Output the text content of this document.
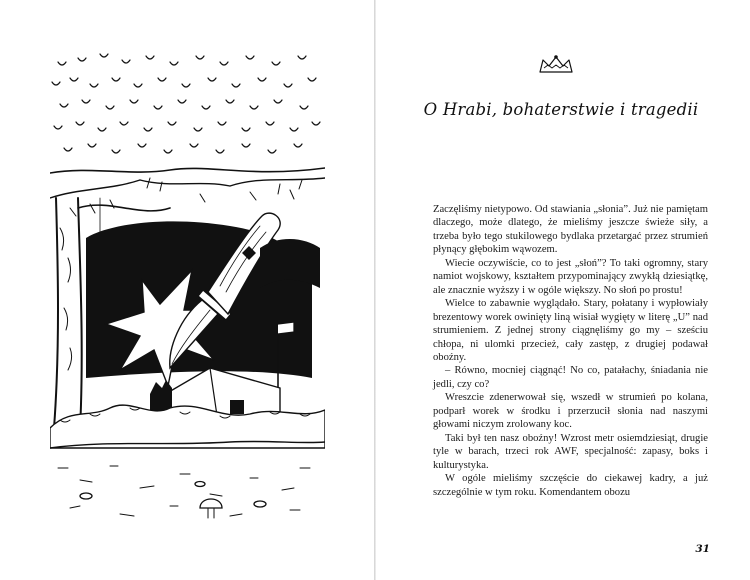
O Hrabi, bohaterstwie i tragedii

Zaczęliśmy nietypowo. Od stawiania „słonia”. Już nie pamiętam dlaczego, może dlatego, że mieliśmy jeszcze świeże siły, a trzeba było tego stukilowego bydlaka przetargać przez strumień płynący głębokim wąwozem.

Wiecie oczywiście, co to jest „słoń”? To taki ogromny, stary namiot wojskowy, kształtem przypominający zwykłą dziesiątkę, ale znacznie wyższy i w ogóle większy. No słoń po prostu!

Wielce to zabawnie wyglądało. Stary, połatany i wypłowiały brezentowy worek owinięty liną wisiał wygięty w literę „U” nad strumieniem. Z jednej strony ciągnęliśmy go my – sześciu chłopa, ni ulomki przecież, cały zastęp, z drugiej podawał oboźny.

– Równo, mocniej ciągnąć! No co, patałachy, śniadania nie jedli, czy co?

Wreszcie zdenerwował się, wszedł w strumień po kolana, podparł worek w środku i przerzucił słonia nad naszymi głowami niczym zrolowany koc.

Taki był ten nasz oboźny! Wzrost metr osiemdziesiąt, drugie tyle w barach, trzeci rok AWF, specjalność: zapasy, boks i kulturystyka.

W ogóle mieliśmy szczęście do ciekawej kadry, a już szczególnie w tym roku. Komendantem obozu

31
